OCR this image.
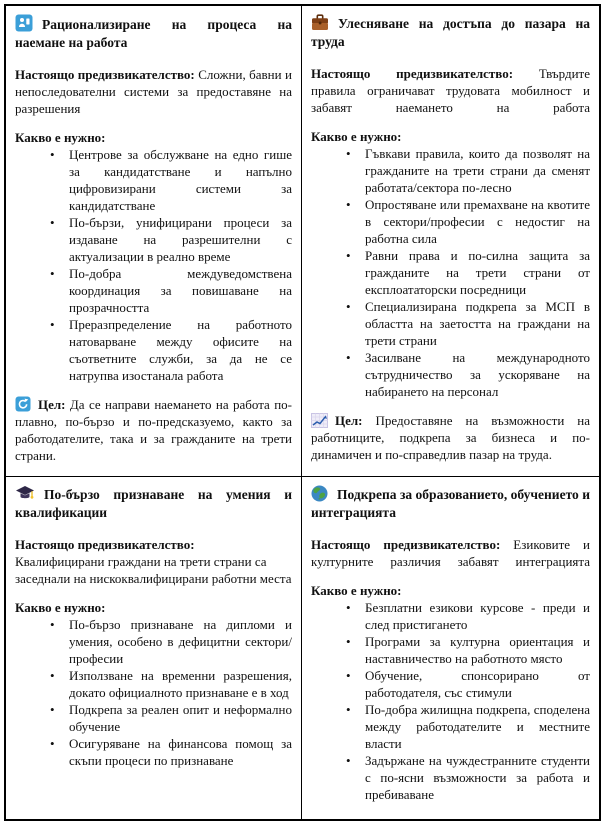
Рационализиране на процеса на наемане на работа

Настоящо предизвикателство: Сложни, бавни и непоследователни системи за предоставяне на разрешения

Какво е нужно:

• Центрове за обслужване на едно гише за кандидатстване и напълно цифровизирани системи за кандидатстване
• По-бързи, унифицирани процеси за издаване на разрешителни с актуализации в реално време
• По-добра междуведомствена координация за повишаване на прозрачността
• Преразпределение на работното натоварване между офисите на съответните служби, за да не се натрупва изостанала работа

Цел: Да се направи наемането на работа по-плавно, по-бързо и по-предсказуемо, както за работодателите, така и за гражданите на трети страни.

Улесняване на достъпа до пазара на труда

Настоящо предизвикателство: Твърдите правила ограничават трудовата мобилност и забавят наемането на работа

Какво е нужно:

• Гъвкави правила, които да позволят на гражданите на трети страни да сменят работата/сектора по-лесно
• Опростяване или премахване на квотите в сектори/професии с недостиг на работна сила
• Равни права и по-силна защита за гражданите на трети страни от експлоататорски посредници
• Специализирана подкрепа за МСП в областта на заетостта на граждани на трети страни
• Засилване на международното сътрудничество за ускоряване на набирането на персонал

Цел: Предоставяне на възможности на работниците, подкрепа за бизнеса и по-динамичен и по-справедлив пазар на труда.

По-бързо признаване на умения и квалификации

Настоящо предизвикателство:
Квалифицирани граждани на трети страни са заседнали на нискоквалифицирани работни места

Какво е нужно:

• По-бързо признаване на дипломи и умения, особено в дефицитни сектори/професии
• Използване на временни разрешения, докато официалното признаване е в ход
• Подкрепа за реален опит и неформално обучение
• Осигуряване на финансова помощ за скъпи процеси по признаване

Подкрепа за образованието, обучението и интеграцията

Настоящо предизвикателство: Езиковите и културните различия забавят интеграцията

Какво е нужно:

• Безплатни езикови курсове - преди и след пристигането
• Програми за културна ориентация и наставничество на работното място
• Обучение, спонсорирано от работодателя, със стимули
• По-добра жилищна подкрепа, споделена между работодателите и местните власти
• Задържане на чуждестранните студенти с по-ясни възможности за работа и пребиваване
